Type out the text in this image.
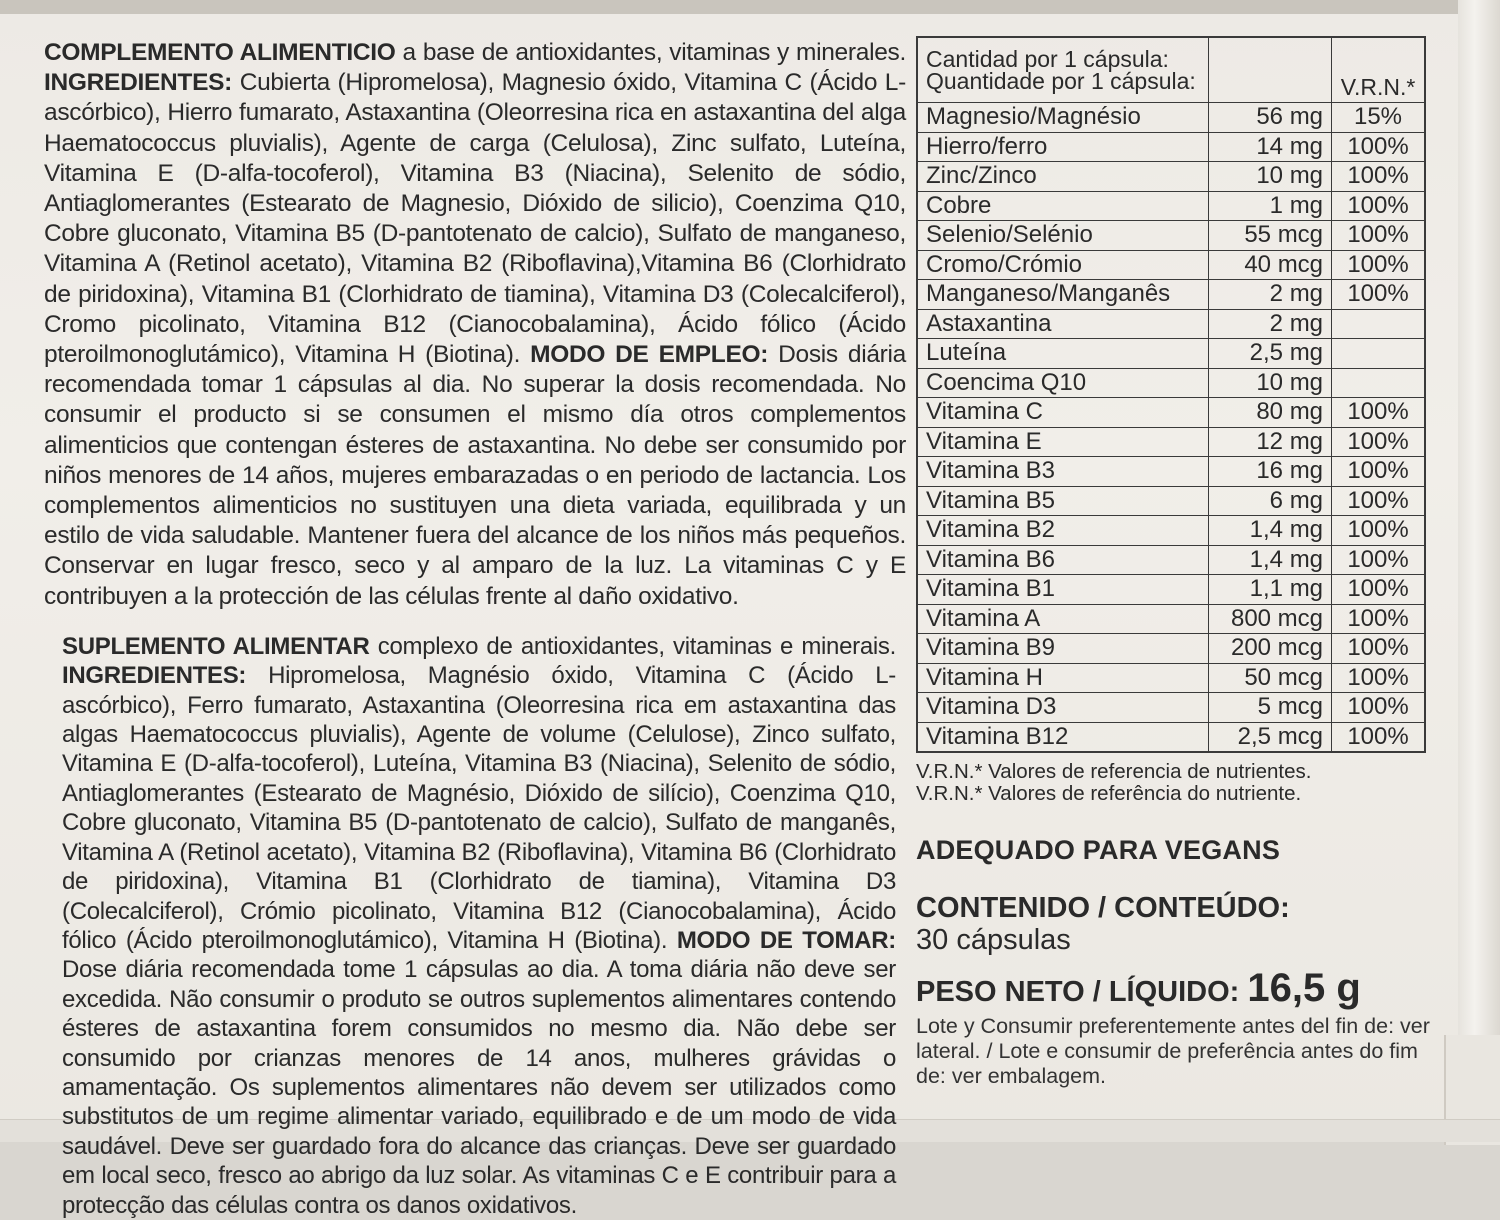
COMPLEMENTO ALIMENTICIO a base de antioxidantes, vitaminas y minerales. INGREDIENTES: Cubierta (Hipromelosa), Magnesio óxido, Vitamina C (Ácido L-ascórbico), Hierro fumarato, Astaxantina (Oleorresina rica en astaxantina del alga Haematococcus pluvialis), Agente de carga (Celulosa), Zinc sulfato, Luteína, Vitamina E (D-alfa-tocoferol), Vitamina B3 (Niacina), Selenito de sódio, Antiaglomerantes (Estearato de Magnesio, Dióxido de silicio), Coenzima Q10, Cobre gluconato, Vitamina B5 (D-pantotenato de calcio), Sulfato de manganeso, Vitamina A (Retinol acetato), Vitamina B2 (Riboflavina),Vitamina B6 (Clorhidrato de piridoxina), Vitamina B1 (Clorhidrato de tiamina), Vitamina D3 (Colecalciferol), Cromo picolinato, Vitamina B12 (Cianocobalamina), Ácido fólico (Ácido pteroilmonoglutámico), Vitamina H (Biotina). MODO DE EMPLEO: Dosis diária recomendada tomar 1 cápsulas al dia. No superar la dosis recomendada. No consumir el producto si se consumen el mismo día otros complementos alimenticios que contengan ésteres de astaxantina. No debe ser consumido por niños menores de 14 años, mujeres embarazadas o en periodo de lactancia. Los complementos alimenticios no sustituyen una dieta variada, equilibrada y un estilo de vida saludable. Mantener fuera del alcance de los niños más pequeños. Conservar en lugar fresco, seco y al amparo de la luz. La vitaminas C y E contribuyen a la protección de las células frente al daño oxidativo.

SUPLEMENTO ALIMENTAR complexo de antioxidantes, vitaminas e minerais. INGREDIENTES: Hipromelosa, Magnésio óxido, Vitamina C (Ácido L-ascórbico), Ferro fumarato, Astaxantina (Oleorresina rica em astaxantina das algas Haematococcus pluvialis), Agente de volume (Celulose), Zinco sulfato, Vitamina E (D-alfa-tocoferol), Luteína, Vitamina B3 (Niacina), Selenito de sódio, Antiaglomerantes (Estearato de Magnésio, Dióxido de silício), Coenzima Q10, Cobre gluconato, Vitamina B5 (D-pantotenato de calcio), Sulfato de manganês, Vitamina A (Retinol acetato), Vitamina B2 (Riboflavina), Vitamina B6 (Clorhidrato de piridoxina), Vitamina B1 (Clorhidrato de tiamina), Vitamina D3 (Colecalciferol), Crómio picolinato, Vitamina B12 (Cianocobalamina), Ácido fólico (Ácido pteroilmonoglutámico), Vitamina H (Biotina). MODO DE TOMAR: Dose diária recomendada tome 1 cápsulas ao dia. A toma diária não deve ser excedida. Não consumir o produto se outros suplementos alimentares contendo ésteres de astaxantina forem consumidos no mesmo dia. Não debe ser consumido por crianzas menores de 14 anos, mulheres grávidas o amamentação. Os suplementos alimentares não devem ser utilizados como substitutos de um regime alimentar variado, equilibrado e de um modo de vida saudável. Deve ser guardado fora do alcance das crianças. Deve ser guardado em local seco, fresco ao abrigo da luz solar. As vitaminas C e E contribuir para a protecção das células contra os danos oxidativos.

Cantidad por 1 cápsula:
Quantidade por 1 cápsula:		V.R.N.*
Magnesio/Magnésio	56 mg	15%
Hierro/ferro	14 mg	100%
Zinc/Zinco	10 mg	100%
Cobre	1 mg	100%
Selenio/Selénio	55 mcg	100%
Cromo/Crómio	40 mcg	100%
Manganeso/Manganês	2 mg	100%
Astaxantina	2 mg	
Luteína	2,5 mg	
Coencima Q10	10 mg	
Vitamina C	80 mg	100%
Vitamina E	12 mg	100%
Vitamina B3	16 mg	100%
Vitamina B5	6 mg	100%
Vitamina B2	1,4 mg	100%
Vitamina B6	1,4 mg	100%
Vitamina B1	1,1 mg	100%
Vitamina A	800 mcg	100%
Vitamina B9	200 mcg	100%
Vitamina H	50 mcg	100%
Vitamina D3	5 mcg	100%
Vitamina B12	2,5 mcg	100%
V.R.N.* Valores de referencia de nutrientes.
V.R.N.* Valores de referência do nutriente.
ADEQUADO PARA VEGANS
CONTENIDO / CONTEÚDO:
30 cápsulas
PESO NETO / LÍQUIDO: 16,5 g
Lote y Consumir preferentemente antes del fin de: ver lateral. / Lote e consumir de preferência antes do fim de: ver embalagem.
